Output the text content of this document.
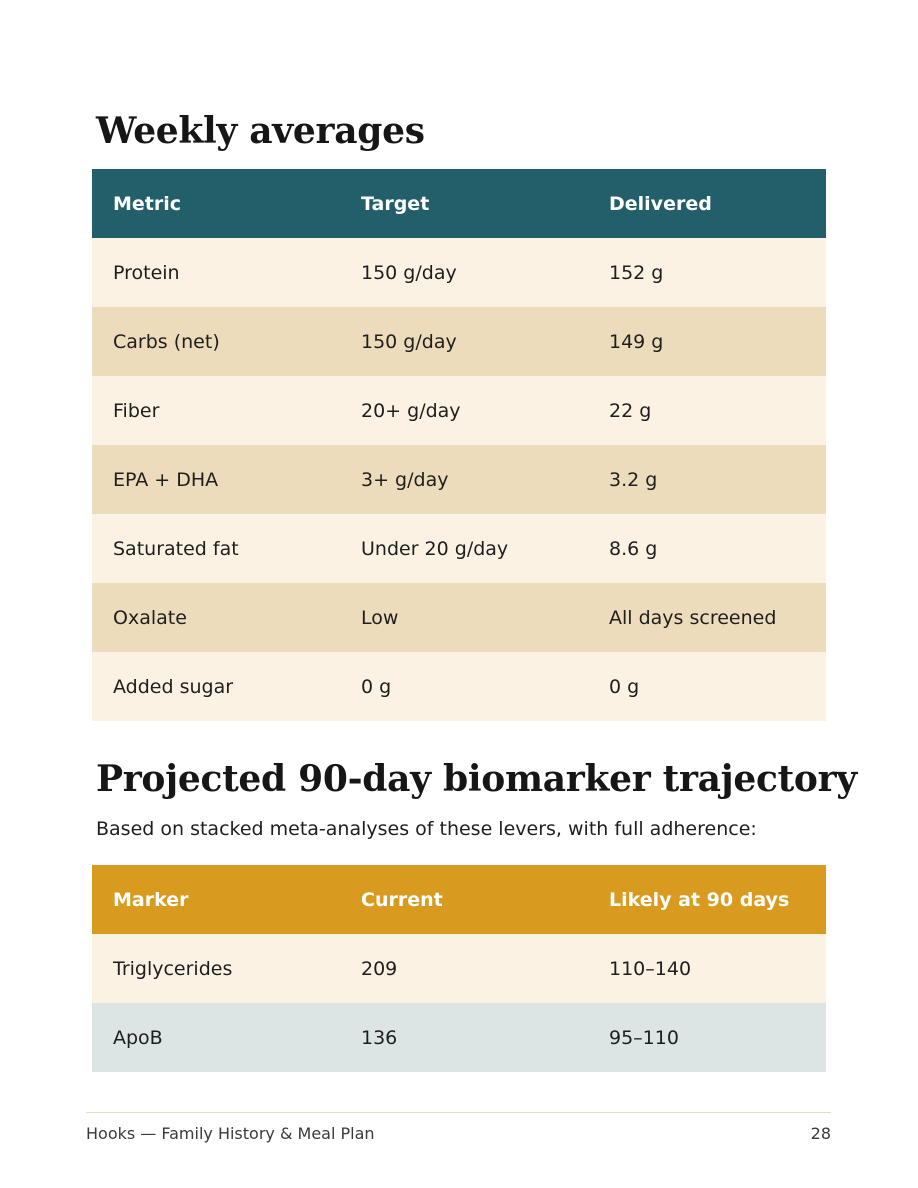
Weekly averages
Metric	Target	Delivered
Protein	150 g/day	152 g
Carbs (net)	150 g/day	149 g
Fiber	20+ g/day	22 g
EPA + DHA	3+ g/day	3.2 g
Saturated fat	Under 20 g/day	8.6 g
Oxalate	Low	All days screened
Added sugar	0 g	0 g
Projected 90-day biomarker trajectory

Based on stacked meta-analyses of these levers, with full adherence:

Marker	Current	Likely at 90 days
Triglycerides	209	110–140
ApoB	136	95–110
Hooks — Family History & Meal Plan	28
